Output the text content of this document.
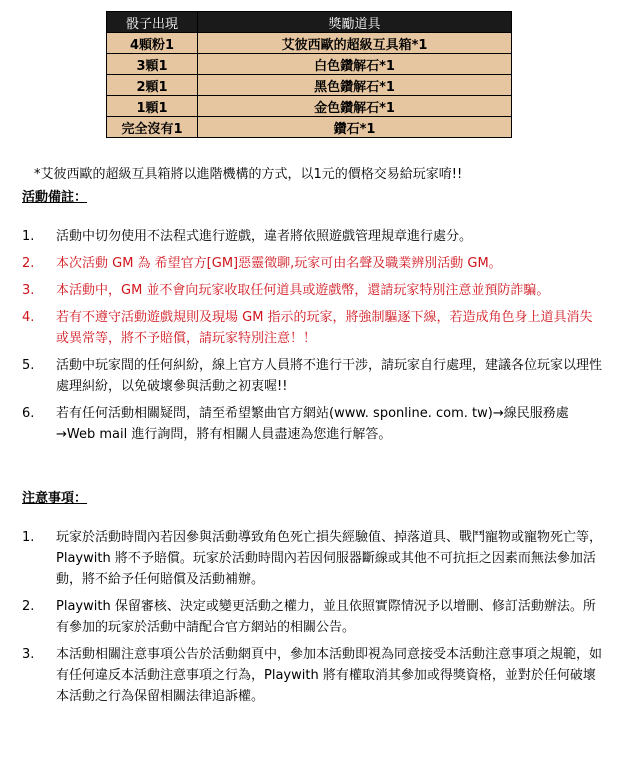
骰子出現	獎勵道具
4顆粉1	艾彼西歐的超級互具箱*1
3顆1	白色鑽解石*1
2顆1	黑色鑽解石*1
1顆1	金色鑽解石*1
完全沒有1	鑽石*1
*艾彼西歐的超級互具箱將以進階機構的方式，以1元的價格交易給玩家唷!!
活動備註：
1. 活動中切勿使用不法程式進行遊戲，違者將依照遊戲管理規章進行處分。
2. 本次活動 GM 為 希望官方[GM]惡靈徵聊,玩家可由名聲及職業辨別活動 GM。
3. 本活動中，GM 並不會向玩家收取任何道具或遊戲幣，還請玩家特別注意並預防詐騙。
4. 若有不遵守活動遊戲規則及現場 GM 指示的玩家，將強制驅逐下線，若造成角色身上道具消失或異常等，將不予賠償，請玩家特別注意！！
5. 活動中玩家間的任何糾紛，線上官方人員將不進行干涉，請玩家自行處理，建議各位玩家以理性處理糾紛，以免破壞參與活動之初衷喔!!
6. 若有任何活動相關疑問，請至希望繁曲官方網站(www. sponline. com. tw)→線民服務處→Web mail 進行詢問，將有相關人員盡速為您進行解答。
注意事項：
1. 玩家於活動時間內若因參與活動導致角色死亡損失經驗值、掉落道具、戰鬥寵物或寵物死亡等，Playwith 將不予賠償。玩家於活動時間內若因伺服器斷線或其他不可抗拒之因素而無法參加活動，將不給予任何賠償及活動補辦。
2. Playwith 保留審核、決定或變更活動之權力，並且依照實際情況予以增刪、修訂活動辦法。所有參加的玩家於活動中請配合官方網站的相關公告。
3. 本活動相關注意事項公告於活動網頁中，參加本活動即視為同意接受本活動注意事項之規範，如有任何違反本活動注意事項之行為，Playwith 將有權取消其參加或得獎資格，並對於任何破壞本活動之行為保留相關法律追訴權。
